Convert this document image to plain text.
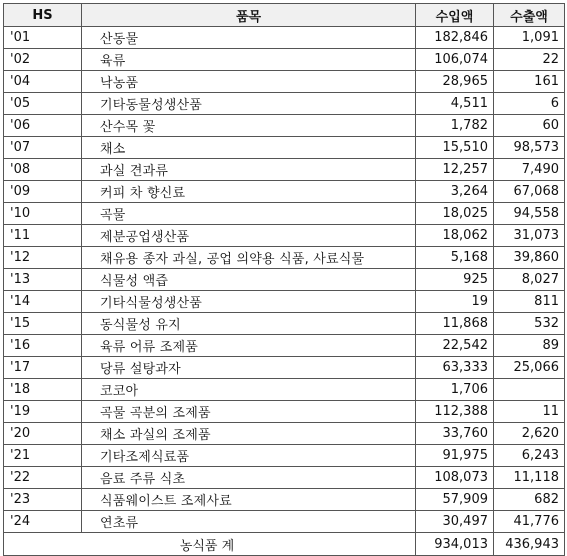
HS	품목	수입액	수출액
'01	산동물	182,846	1,091
'02	육류	106,074	22
'04	낙농품	28,965	161
'05	기타동물성생산품	4,511	6
'06	산수목 꽃	1,782	60
'07	채소	15,510	98,573
'08	과실 견과류	12,257	7,490
'09	커피 차 향신료	3,264	67,068
'10	곡물	18,025	94,558
'11	제분공업생산품	18,062	31,073
'12	채유용 종자 과실, 공업 의약용 식품, 사료식물	5,168	39,860
'13	식물성 액즙	925	8,027
'14	기타식물성생산품	19	811
'15	동식물성 유지	11,868	532
'16	육류 어류 조제품	22,542	89
'17	당류 설탕과자	63,333	25,066
'18	코코아	1,706	
'19	곡물 곡분의 조제품	112,388	11
'20	채소 과실의 조제품	33,760	2,620
'21	기타조제식료품	91,975	6,243
'22	음료 주류 식초	108,073	11,118
'23	식품웨이스트 조제사료	57,909	682
'24	연초류	30,497	41,776
농식품 계		934,013	436,943
